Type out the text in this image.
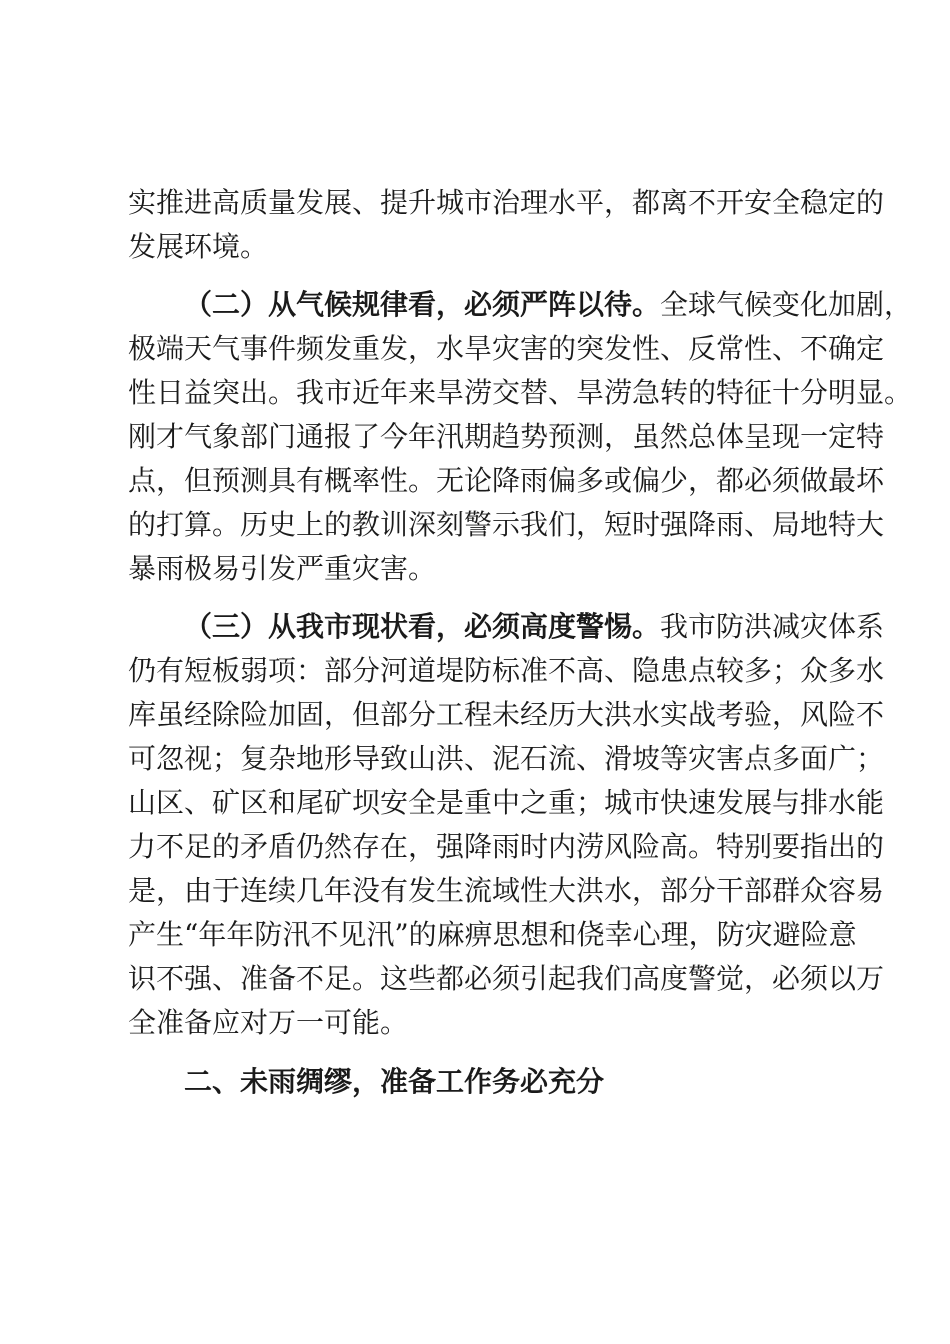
实推进高质量发展、提升城市治理水平，都离不开安全稳定的
发展环境。
（二）从气候规律看，必须严阵以待。全球气候变化加剧，
极端天气事件频发重发，水旱灾害的突发性、反常性、不确定
性日益突出。我市近年来旱涝交替、旱涝急转的特征十分明显。
刚才气象部门通报了今年汛期趋势预测，虽然总体呈现一定特
点，但预测具有概率性。无论降雨偏多或偏少，都必须做最坏
的打算。历史上的教训深刻警示我们，短时强降雨、局地特大
暴雨极易引发严重灾害。
（三）从我市现状看，必须高度警惕。我市防洪减灾体系
仍有短板弱项：部分河道堤防标准不高、隐患点较多；众多水
库虽经除险加固，但部分工程未经历大洪水实战考验，风险不
可忽视；复杂地形导致山洪、泥石流、滑坡等灾害点多面广；
山区、矿区和尾矿坝安全是重中之重；城市快速发展与排水能
力不足的矛盾仍然存在，强降雨时内涝风险高。特别要指出的
是，由于连续几年没有发生流域性大洪水，部分干部群众容易
产生“年年防汛不见汛”的麻痹思想和侥幸心理，防灾避险意
识不强、准备不足。这些都必须引起我们高度警觉，必须以万
全准备应对万一可能。
二、未雨绸缪，准备工作务必充分
